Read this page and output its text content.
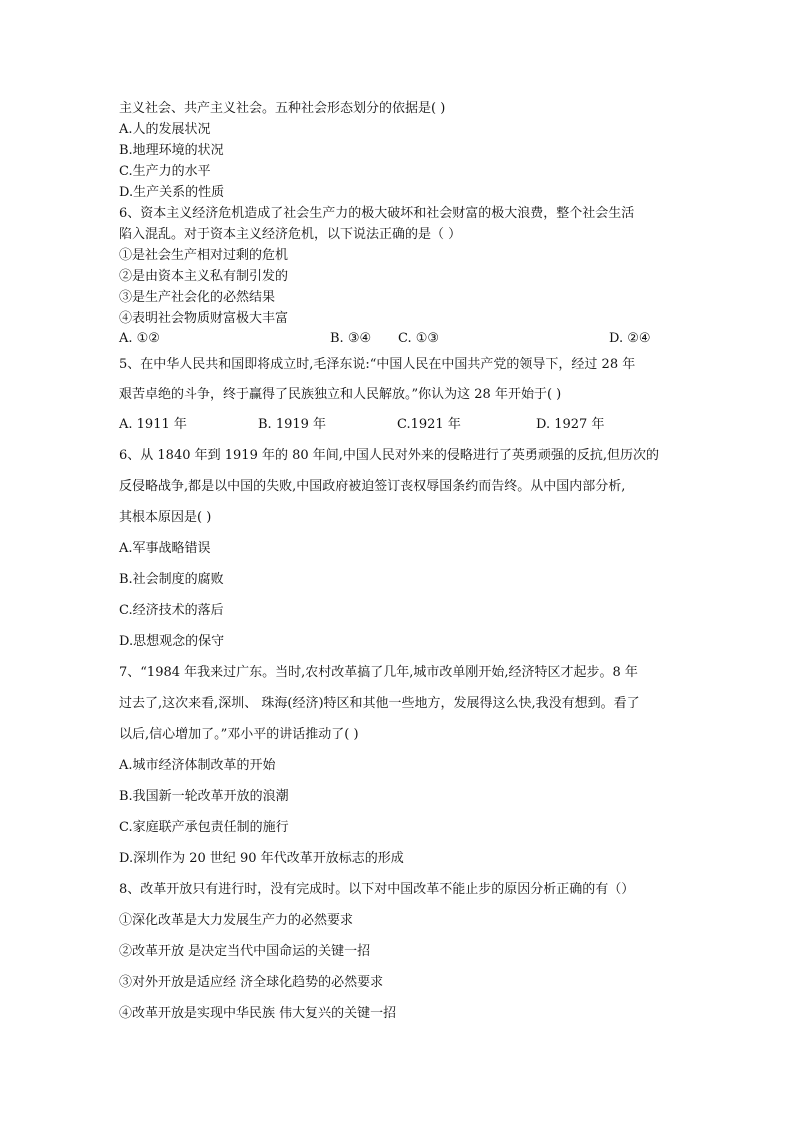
主义社会、共产主义社会。五种社会形态划分的依据是( )
A.人的发展状况
B.地理环境的状况
C.生产力的水平
D.生产关系的性质
6、资本主义经济危机造成了社会生产力的极大破坏和社会财富的极大浪费，整个社会生活
陷入混乱。对于资本主义经济危机，以下说法正确的是（ ）
①是社会生产相对过剩的危机
②是由资本主义私有制引发的
③是生产社会化的必然结果
④表明社会物质财富极大丰富
A. ①②	B. ③④ C. ①③	D. ②④
5、在中华人民共和国即将成立时,毛泽东说:“中国人民在中国共产党的领导下，经过 28 年
艰苦卓绝的斗争，终于赢得了民族独立和人民解放。”你认为这 28 年开始于( )
A. 1911 年	B. 1919 年	C.1921 年	D. 1927 年
6、从 1840 年到 1919 年的 80 年间,中国人民对外来的侵略进行了英勇顽强的反抗,但历次的
反侵略战争,都是以中国的失败,中国政府被迫签订丧权辱国条约而告终。从中国内部分析,
其根本原因是( )
A.军事战略错误
B.社会制度的腐败
C.经济技术的落后
D.思想观念的保守
7、“1984 年我来过广东。当时,农村改革搞了几年,城市改单刚开始,经济特区才起步。8 年
过去了,这次来看,深圳、 珠海(经济)特区和其他一些地方，发展得这么快,我没有想到。看了
以后,信心增加了。”邓小平的讲话推动了( )
A.城市经济体制改革的开始
B.我国新一轮改革开放的浪潮
C.家庭联产承包责任制的施行
D.深圳作为 20 世纪 90 年代改革开放标志的形成
8、改革开放只有进行时，没有完成时。以下对中国改革不能止步的原因分析正确的有（）
①深化改革是大力发展生产力的必然要求
②改革开放 是决定当代中国命运的关键一招
③对外开放是适应经 济全球化趋势的必然要求
④改革开放是实现中华民族 伟大复兴的关键一招
